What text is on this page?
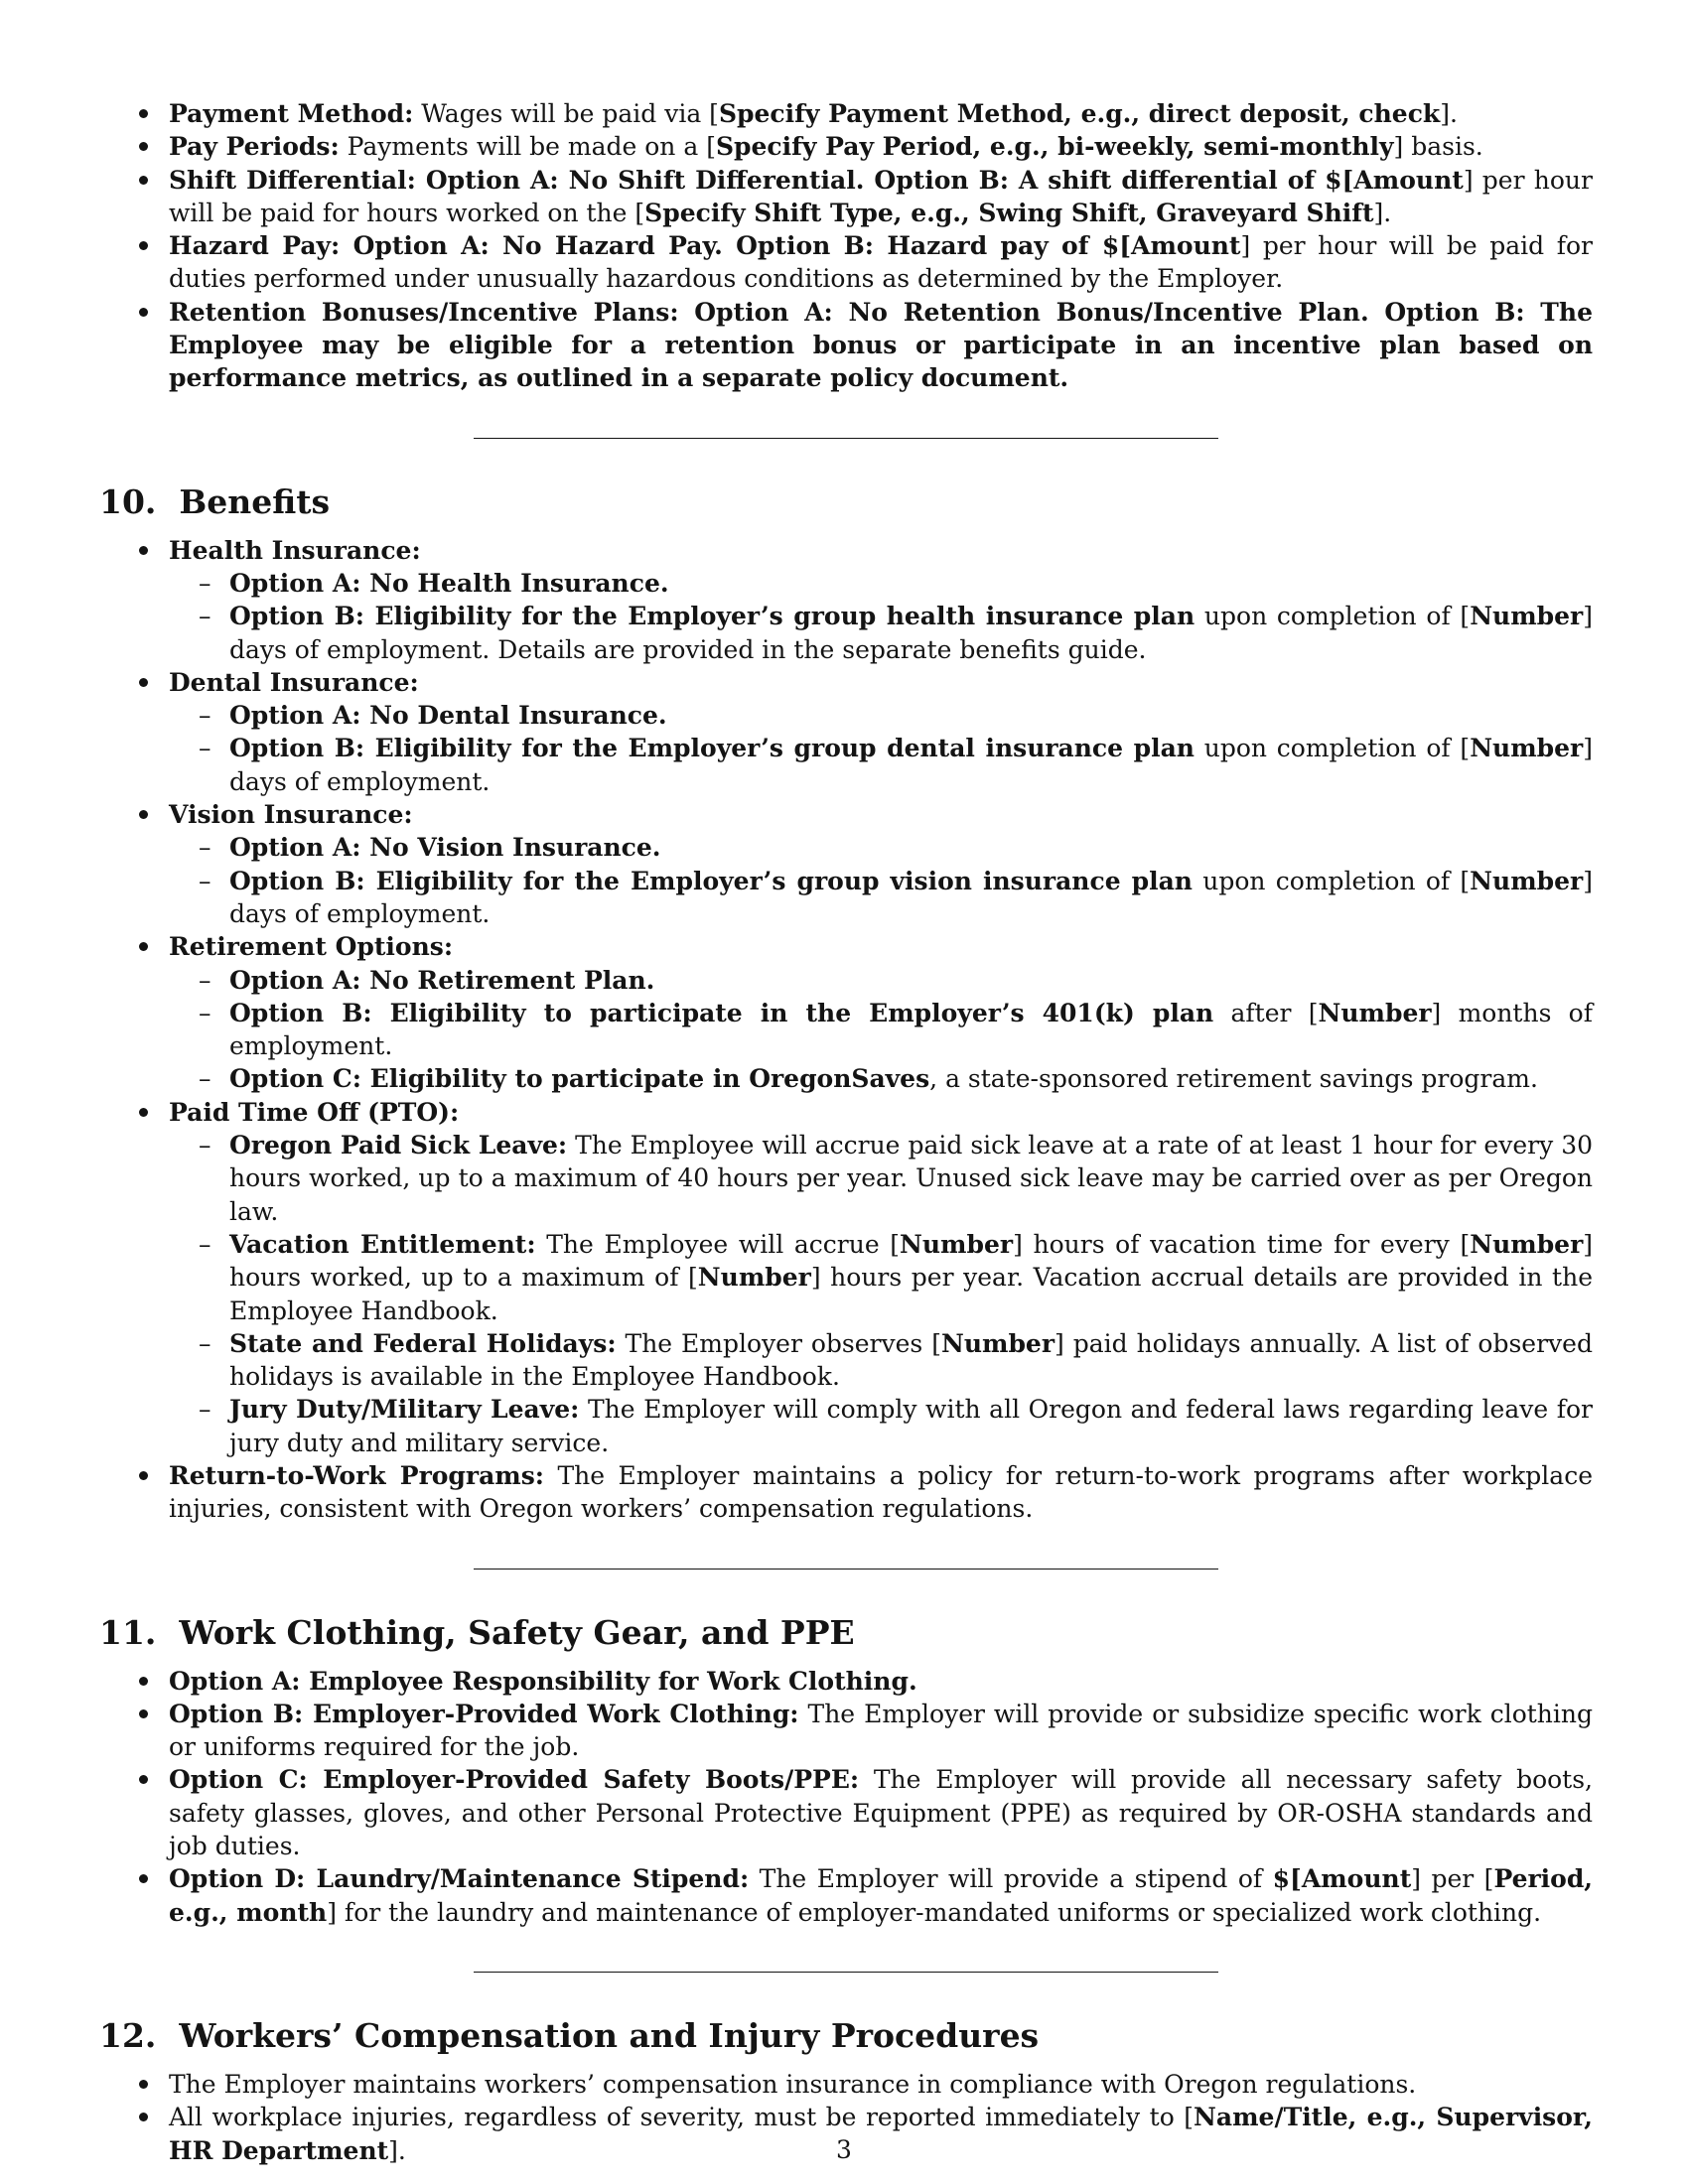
Payment Method: Wages will be paid via [Specify Payment Method, e.g., direct deposit, check].
Pay Periods: Payments will be made on a [Specify Pay Period, e.g., bi-weekly, semi-monthly] basis.
Shift Differential: Option A: No Shift Differential. Option B: A shift differential of $[Amount] per hour will be paid for hours worked on the [Specify Shift Type, e.g., Swing Shift, Graveyard Shift].
Hazard Pay: Option A: No Hazard Pay. Option B: Hazard pay of $[Amount] per hour will be paid for duties performed under unusually hazardous conditions as determined by the Employer.
Retention Bonuses/Incentive Plans: Option A: No Retention Bonus/Incentive Plan. Option B: The Employee may be eligible for a retention bonus or participate in an incentive plan based on performance metrics, as outlined in a separate policy document.
10. Benefits
Health Insurance:
– Option A: No Health Insurance.
– Option B: Eligibility for the Employer’s group health insurance plan upon completion of [Number] days of employment. Details are provided in the separate benefits guide.
Dental Insurance:
– Option A: No Dental Insurance.
– Option B: Eligibility for the Employer’s group dental insurance plan upon completion of [Number] days of employment.
Vision Insurance:
– Option A: No Vision Insurance.
– Option B: Eligibility for the Employer’s group vision insurance plan upon completion of [Number] days of employment.
Retirement Options:
– Option A: No Retirement Plan.
– Option B: Eligibility to participate in the Employer’s 401(k) plan after [Number] months of employment.
– Option C: Eligibility to participate in OregonSaves, a state-sponsored retirement savings program.
Paid Time Off (PTO):
– Oregon Paid Sick Leave: The Employee will accrue paid sick leave at a rate of at least 1 hour for every 30 hours worked, up to a maximum of 40 hours per year. Unused sick leave may be carried over as per Oregon law.
– Vacation Entitlement: The Employee will accrue [Number] hours of vacation time for every [Number] hours worked, up to a maximum of [Number] hours per year. Vacation accrual details are provided in the Employee Handbook.
– State and Federal Holidays: The Employer observes [Number] paid holidays annually. A list of observed holidays is available in the Employee Handbook.
– Jury Duty/Military Leave: The Employer will comply with all Oregon and federal laws regarding leave for jury duty and military service.
Return-to-Work Programs: The Employer maintains a policy for return-to-work programs after workplace injuries, consistent with Oregon workers’ compensation regulations.
11. Work Clothing, Safety Gear, and PPE
Option A: Employee Responsibility for Work Clothing.
Option B: Employer-Provided Work Clothing: The Employer will provide or subsidize specific work clothing or uniforms required for the job.
Option C: Employer-Provided Safety Boots/PPE: The Employer will provide all necessary safety boots, safety glasses, gloves, and other Personal Protective Equipment (PPE) as required by OR-OSHA standards and job duties.
Option D: Laundry/Maintenance Stipend: The Employer will provide a stipend of $[Amount] per [Period, e.g., month] for the laundry and maintenance of employer-mandated uniforms or specialized work clothing.
12. Workers’ Compensation and Injury Procedures
The Employer maintains workers’ compensation insurance in compliance with Oregon regulations.
All workplace injuries, regardless of severity, must be reported immediately to [Name/Title, e.g., Supervisor, HR Department].	3
